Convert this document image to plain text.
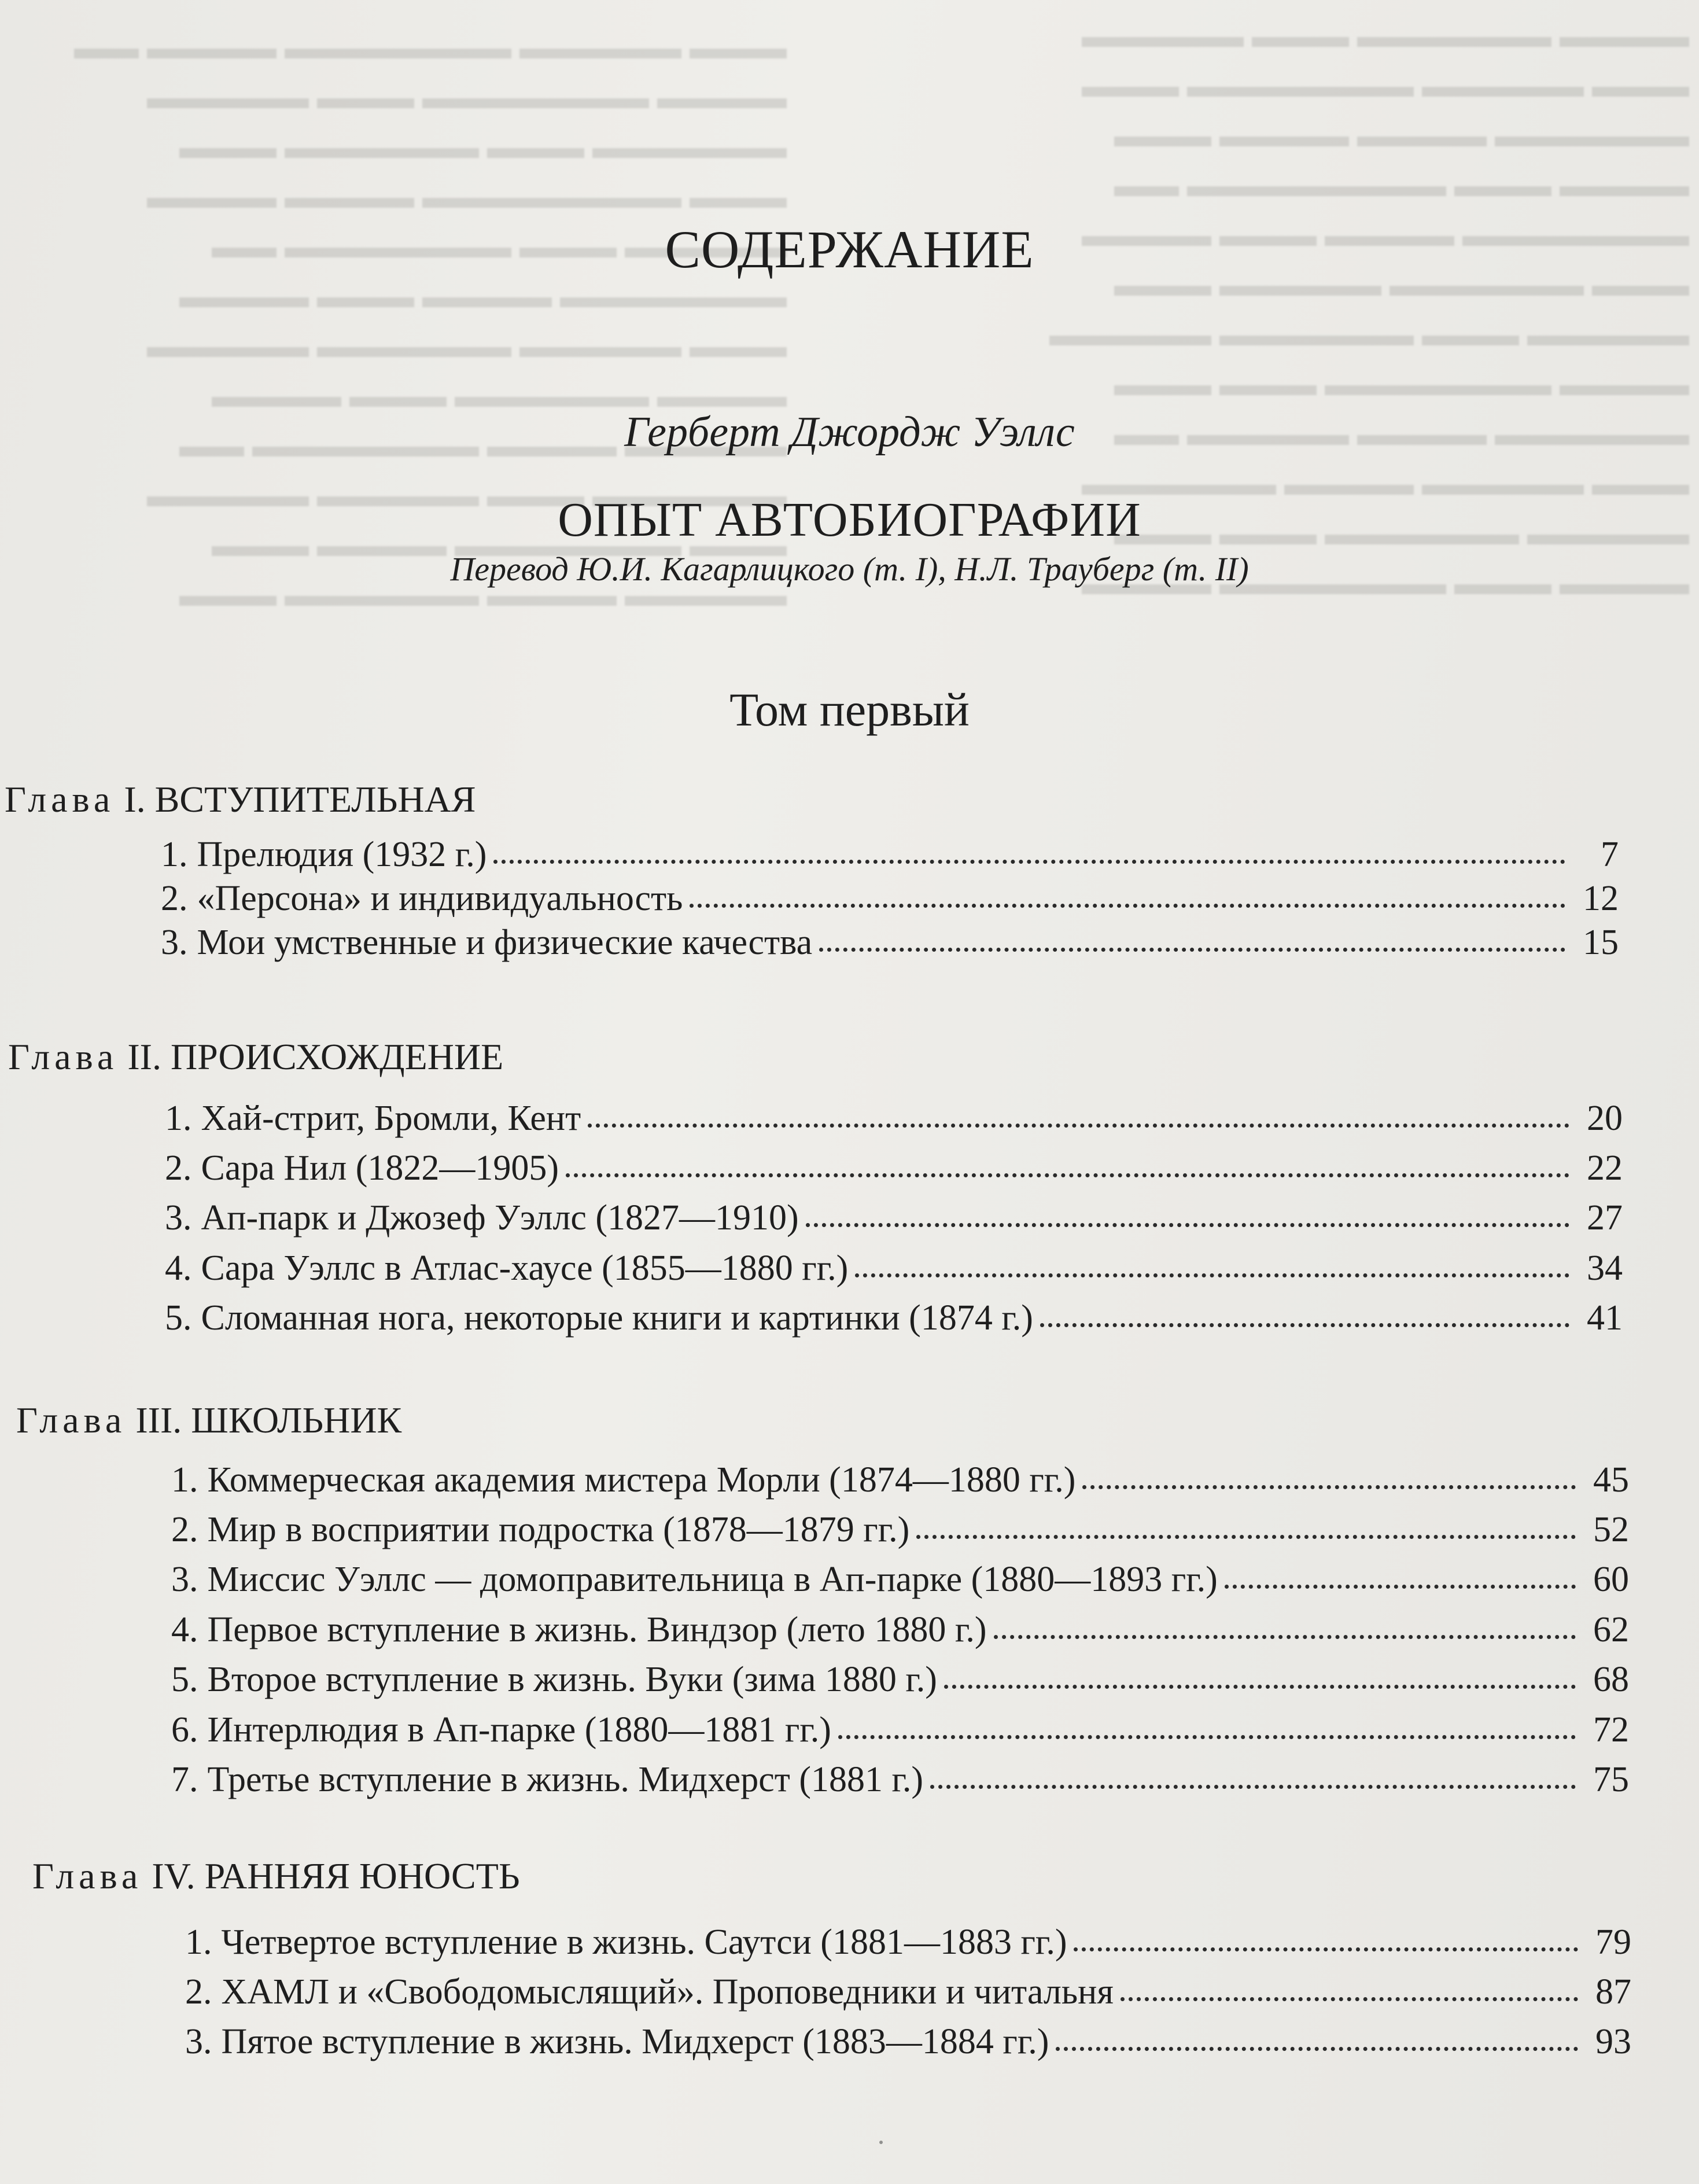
▬▬▬ ▬▬▬▬▬ ▬▬▬▬▬▬▬ ▬▬▬▬ ▬▬
▬▬▬▬ ▬▬▬▬▬▬▬ ▬▬▬ ▬▬▬▬▬
▬▬▬▬▬▬ ▬▬▬ ▬▬▬▬▬▬ ▬▬▬
▬▬▬ ▬▬▬▬▬▬▬▬ ▬▬▬▬ ▬▬▬▬
▬▬▬▬▬ ▬▬▬ ▬▬▬▬▬▬▬ ▬▬
▬▬▬▬▬▬▬ ▬▬▬▬ ▬▬▬ ▬▬▬▬
▬▬▬ ▬▬▬▬▬ ▬▬▬▬▬▬ ▬▬▬▬▬
▬▬▬▬ ▬▬▬▬▬▬ ▬▬▬ ▬▬▬▬
▬▬▬▬▬ ▬▬▬▬ ▬▬▬▬▬▬▬ ▬▬
▬▬▬▬▬▬ ▬▬▬ ▬▬▬▬▬ ▬▬▬▬▬
▬▬▬ ▬▬▬▬▬▬▬ ▬▬▬▬ ▬▬▬
▬▬▬▬▬ ▬▬▬▬ ▬▬▬▬▬▬ ▬▬▬
▬▬▬▬ ▬▬▬▬▬▬ ▬▬▬ ▬▬▬▬▬
▬▬▬ ▬▬▬▬▬ ▬▬▬▬▬▬▬ ▬▬▬
▬▬▬▬▬▬ ▬▬▬▬ ▬▬▬▬ ▬▬▬
▬▬▬▬ ▬▬▬ ▬▬▬▬▬▬▬▬ ▬▬
▬▬▬▬▬▬▬ ▬▬▬▬ ▬▬▬ ▬▬▬▬
▬▬▬ ▬▬▬▬▬▬ ▬▬▬▬▬ ▬▬▬
▬▬▬▬▬ ▬▬▬ ▬▬▬▬▬▬ ▬▬▬▬▬
▬▬▬▬ ▬▬▬▬▬▬▬ ▬▬▬ ▬▬▬
▬▬▬▬▬▬ ▬▬▬▬ ▬▬▬▬▬ ▬▬
▬▬▬ ▬▬▬▬▬ ▬▬▬▬ ▬▬▬▬▬▬
▬▬▬▬▬ ▬▬▬▬▬▬ ▬▬▬ ▬▬▬
▬▬▬▬ ▬▬▬ ▬▬▬▬▬▬▬ ▬▬▬▬
СОДЕРЖАНИЕ
Герберт Джордж Уэллс
ОПЫТ АВТОБИОГРАФИИ
Перевод Ю.И. Кагарлицкого (т. I), Н.Л. Трауберг (т. II)
Том первый
Глава I. ВСТУПИТЕЛЬНАЯ
1. Прелюдия (1932 г.)	7
2. «Персона» и индивидуальность	12
3. Мои умственные и физические качества	15
Глава II. ПРОИСХОЖДЕНИЕ
1. Хай-стрит, Бромли, Кент	20
2. Сара Нил (1822—1905)	22
3. Ап-парк и Джозеф Уэллс (1827—1910)	27
4. Сара Уэллс в Атлас-хаусе (1855—1880 гг.)	34
5. Сломанная нога, некоторые книги и картинки (1874 г.)	41
Глава III. ШКОЛЬНИК
1. Коммерческая академия мистера Морли (1874—1880 гг.)	45
2. Мир в восприятии подростка (1878—1879 гг.)	52
3. Миссис Уэллс — домоправительница в Ап-парке (1880—1893 гг.)	60
4. Первое вступление в жизнь. Виндзор (лето 1880 г.)	62
5. Второе вступление в жизнь. Вуки (зима 1880 г.)	68
6. Интерлюдия в Ап-парке (1880—1881 гг.)	72
7. Третье вступление в жизнь. Мидхерст (1881 г.)	75
Глава IV. РАННЯЯ ЮНОСТЬ
1. Четвертое вступление в жизнь. Саутси (1881—1883 гг.)	79
2. ХАМЛ и «Свободомыслящий». Проповедники и читальня	87
3. Пятое вступление в жизнь. Мидхерст (1883—1884 гг.)	93
